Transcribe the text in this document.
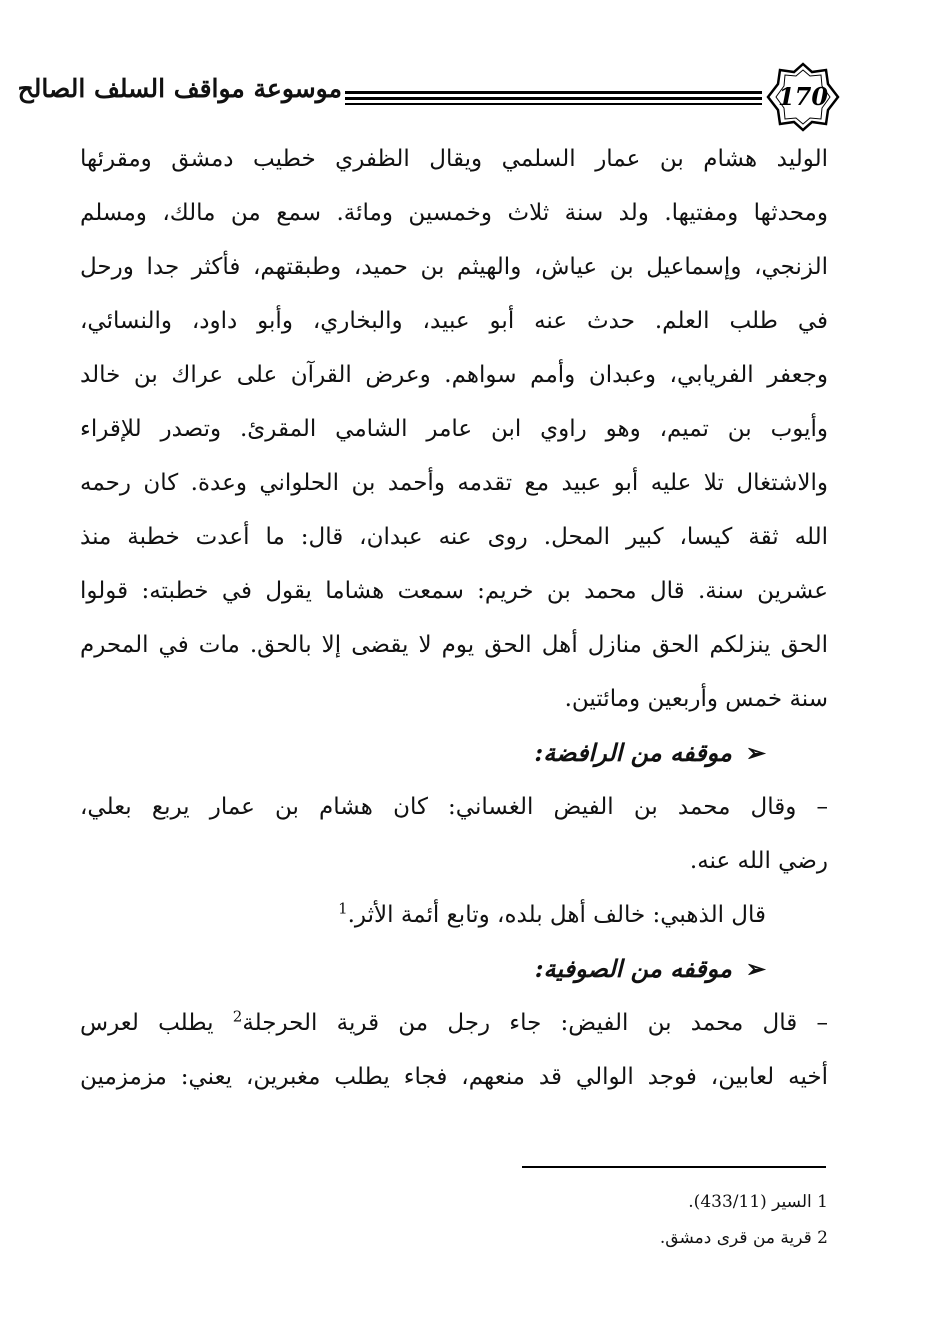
موسوعة مواقف السلف الصالح	170
الوليد هشام بن عمار السلمي ويقال الظفري خطيب دمشق ومقرئها
ومحدثها ومفتيها. ولد سنة ثلاث وخمسين ومائة. سمع من مالك، ومسلم
الزنجي، وإسماعيل بن عياش، والهيثم بن حميد، وطبقتهم، فأكثر جدا ورحل
في طلب العلم. حدث عنه أبو عبيد، والبخاري، وأبو داود، والنسائي،
وجعفر الفريابي، وعبدان وأمم سواهم. وعرض القرآن على عراك بن خالد
وأيوب بن تميم، وهو راوي ابن عامر الشامي المقرئ. وتصدر للإقراء
والاشتغال تلا عليه أبو عبيد مع تقدمه وأحمد بن الحلواني وعدة. كان رحمه
الله ثقة كيسا، كبير المحل. روى عنه عبدان، قال: ما أعدت خطبة منذ
عشرين سنة. قال محمد بن خريم: سمعت هشاما يقول في خطبته: قولوا
الحق ينزلكم الحق منازل أهل الحق يوم لا يقضى إلا بالحق. مات في المحرم
سنة خمس وأربعين ومائتين.
➢موقفه من الرافضة:
– وقال محمد بن الفيض الغساني: كان هشام بن عمار يربع بعلي،
رضي الله عنه.
قال الذهبي: خالف أهل بلده، وتابع أئمة الأثر.$^1$
➢موقفه من الصوفية:
– قال محمد بن الفيض: جاء رجل من قرية الحرجلة$^2$ يطلب لعرس
أخيه لعابين، فوجد الوالي قد منعهم، فجاء يطلب مغبرين، يعني: مزمزمين
1 السير (433/11).
2 قرية من قرى دمشق.
